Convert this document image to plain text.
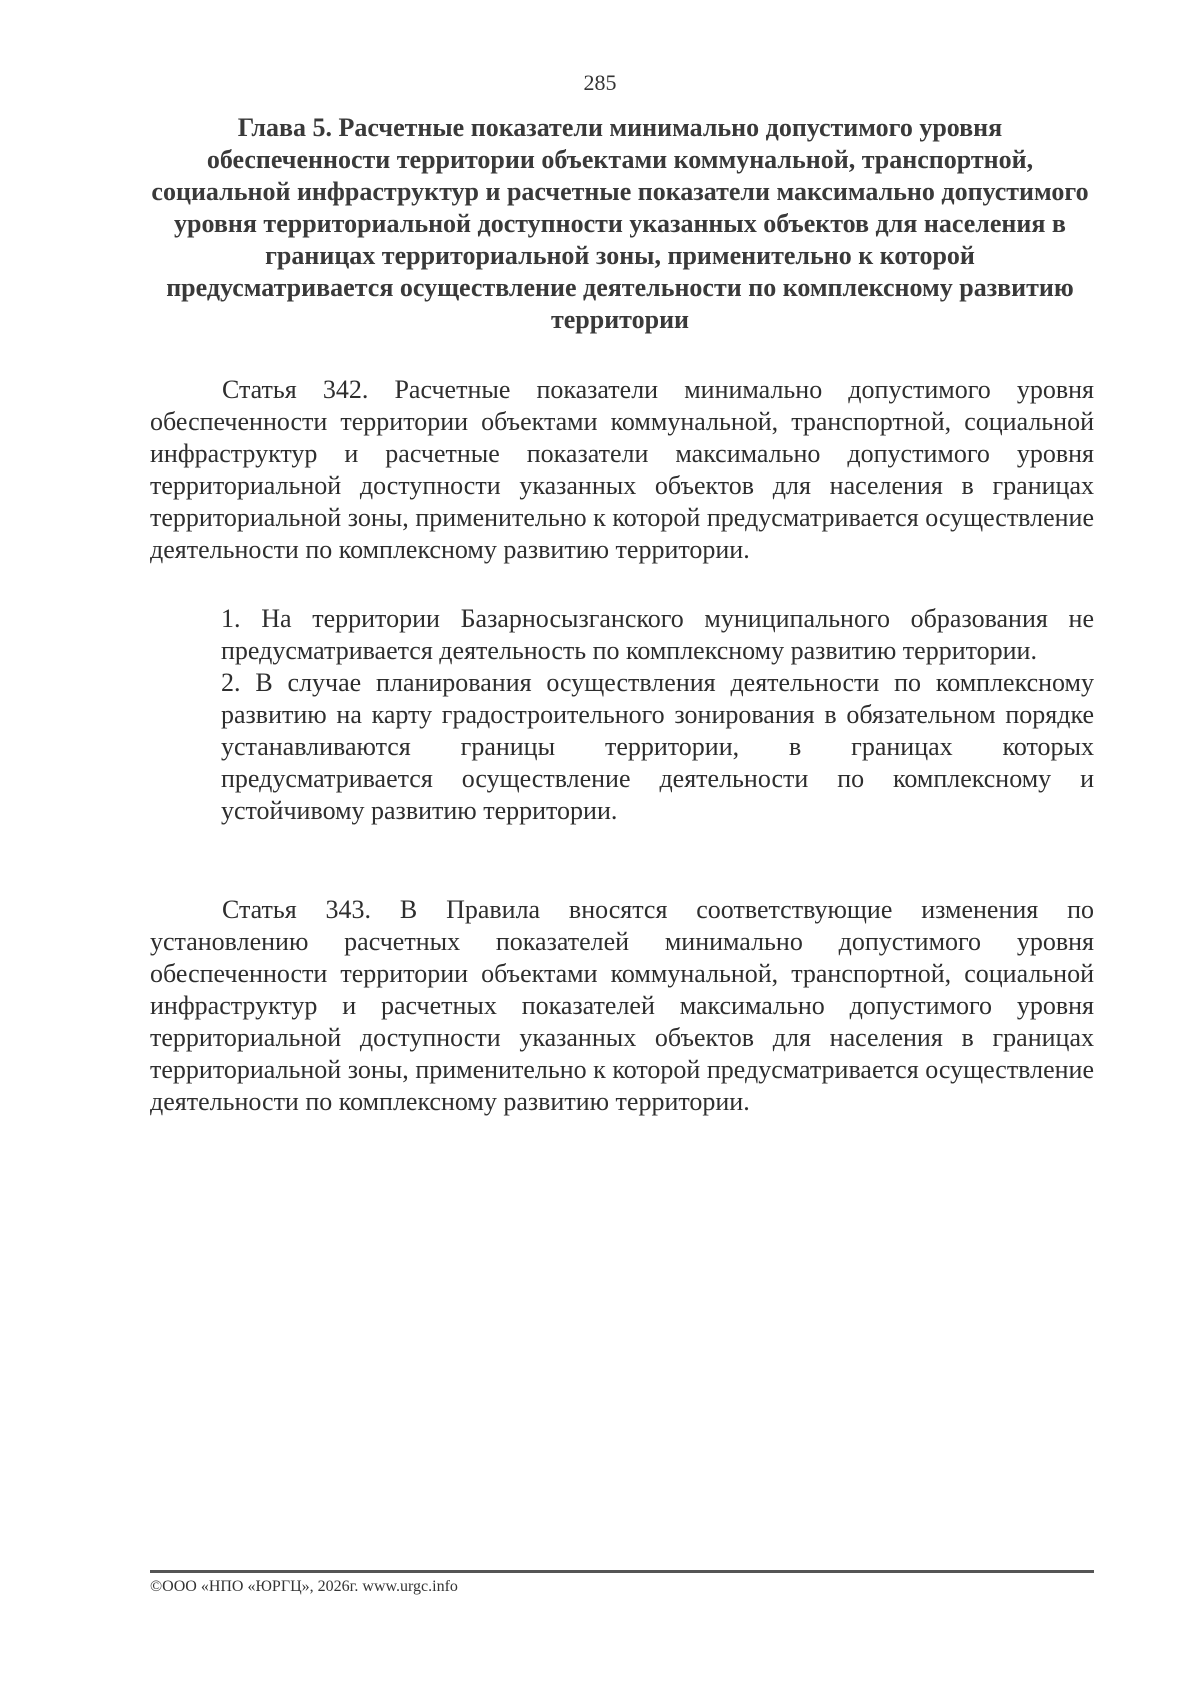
285
Глава 5. Расчетные показатели минимально допустимого уровня обеспеченности территории объектами коммунальной, транспортной, социальной инфраструктур и расчетные показатели максимально допустимого уровня территориальной доступности указанных объектов для населения в границах территориальной зоны, применительно к которой предусматривается осуществление деятельности по комплексному развитию территории

Статья 342. Расчетные показатели минимально допустимого уровня обеспеченности территории объектами коммунальной, транспортной, социальной инфраструктур и расчетные показатели максимально допустимого уровня территориальной доступности указанных объектов для населения в границах территориальной зоны, применительно к которой предусматривается осуществление деятельности по комплексному развитию территории.

1. На территории Базарносызганского муниципального образования не предусматривается деятельность по комплексному развитию территории.
2. В случае планирования осуществления деятельности по комплексному развитию на карту градостроительного зонирования в обязательном порядке устанавливаются границы территории, в границах которых предусматривается осуществление деятельности по комплексному и устойчивому развитию территории.

Статья 343. В Правила вносятся соответствующие изменения по установлению расчетных показателей минимально допустимого уровня обеспеченности территории объектами коммунальной, транспортной, социальной инфраструктур и расчетных показателей максимально допустимого уровня территориальной доступности указанных объектов для населения в границах территориальной зоны, применительно к которой предусматривается осуществление деятельности по комплексному развитию территории.

©ООО «НПО «ЮРГЦ», 2026г. www.urgc.info
